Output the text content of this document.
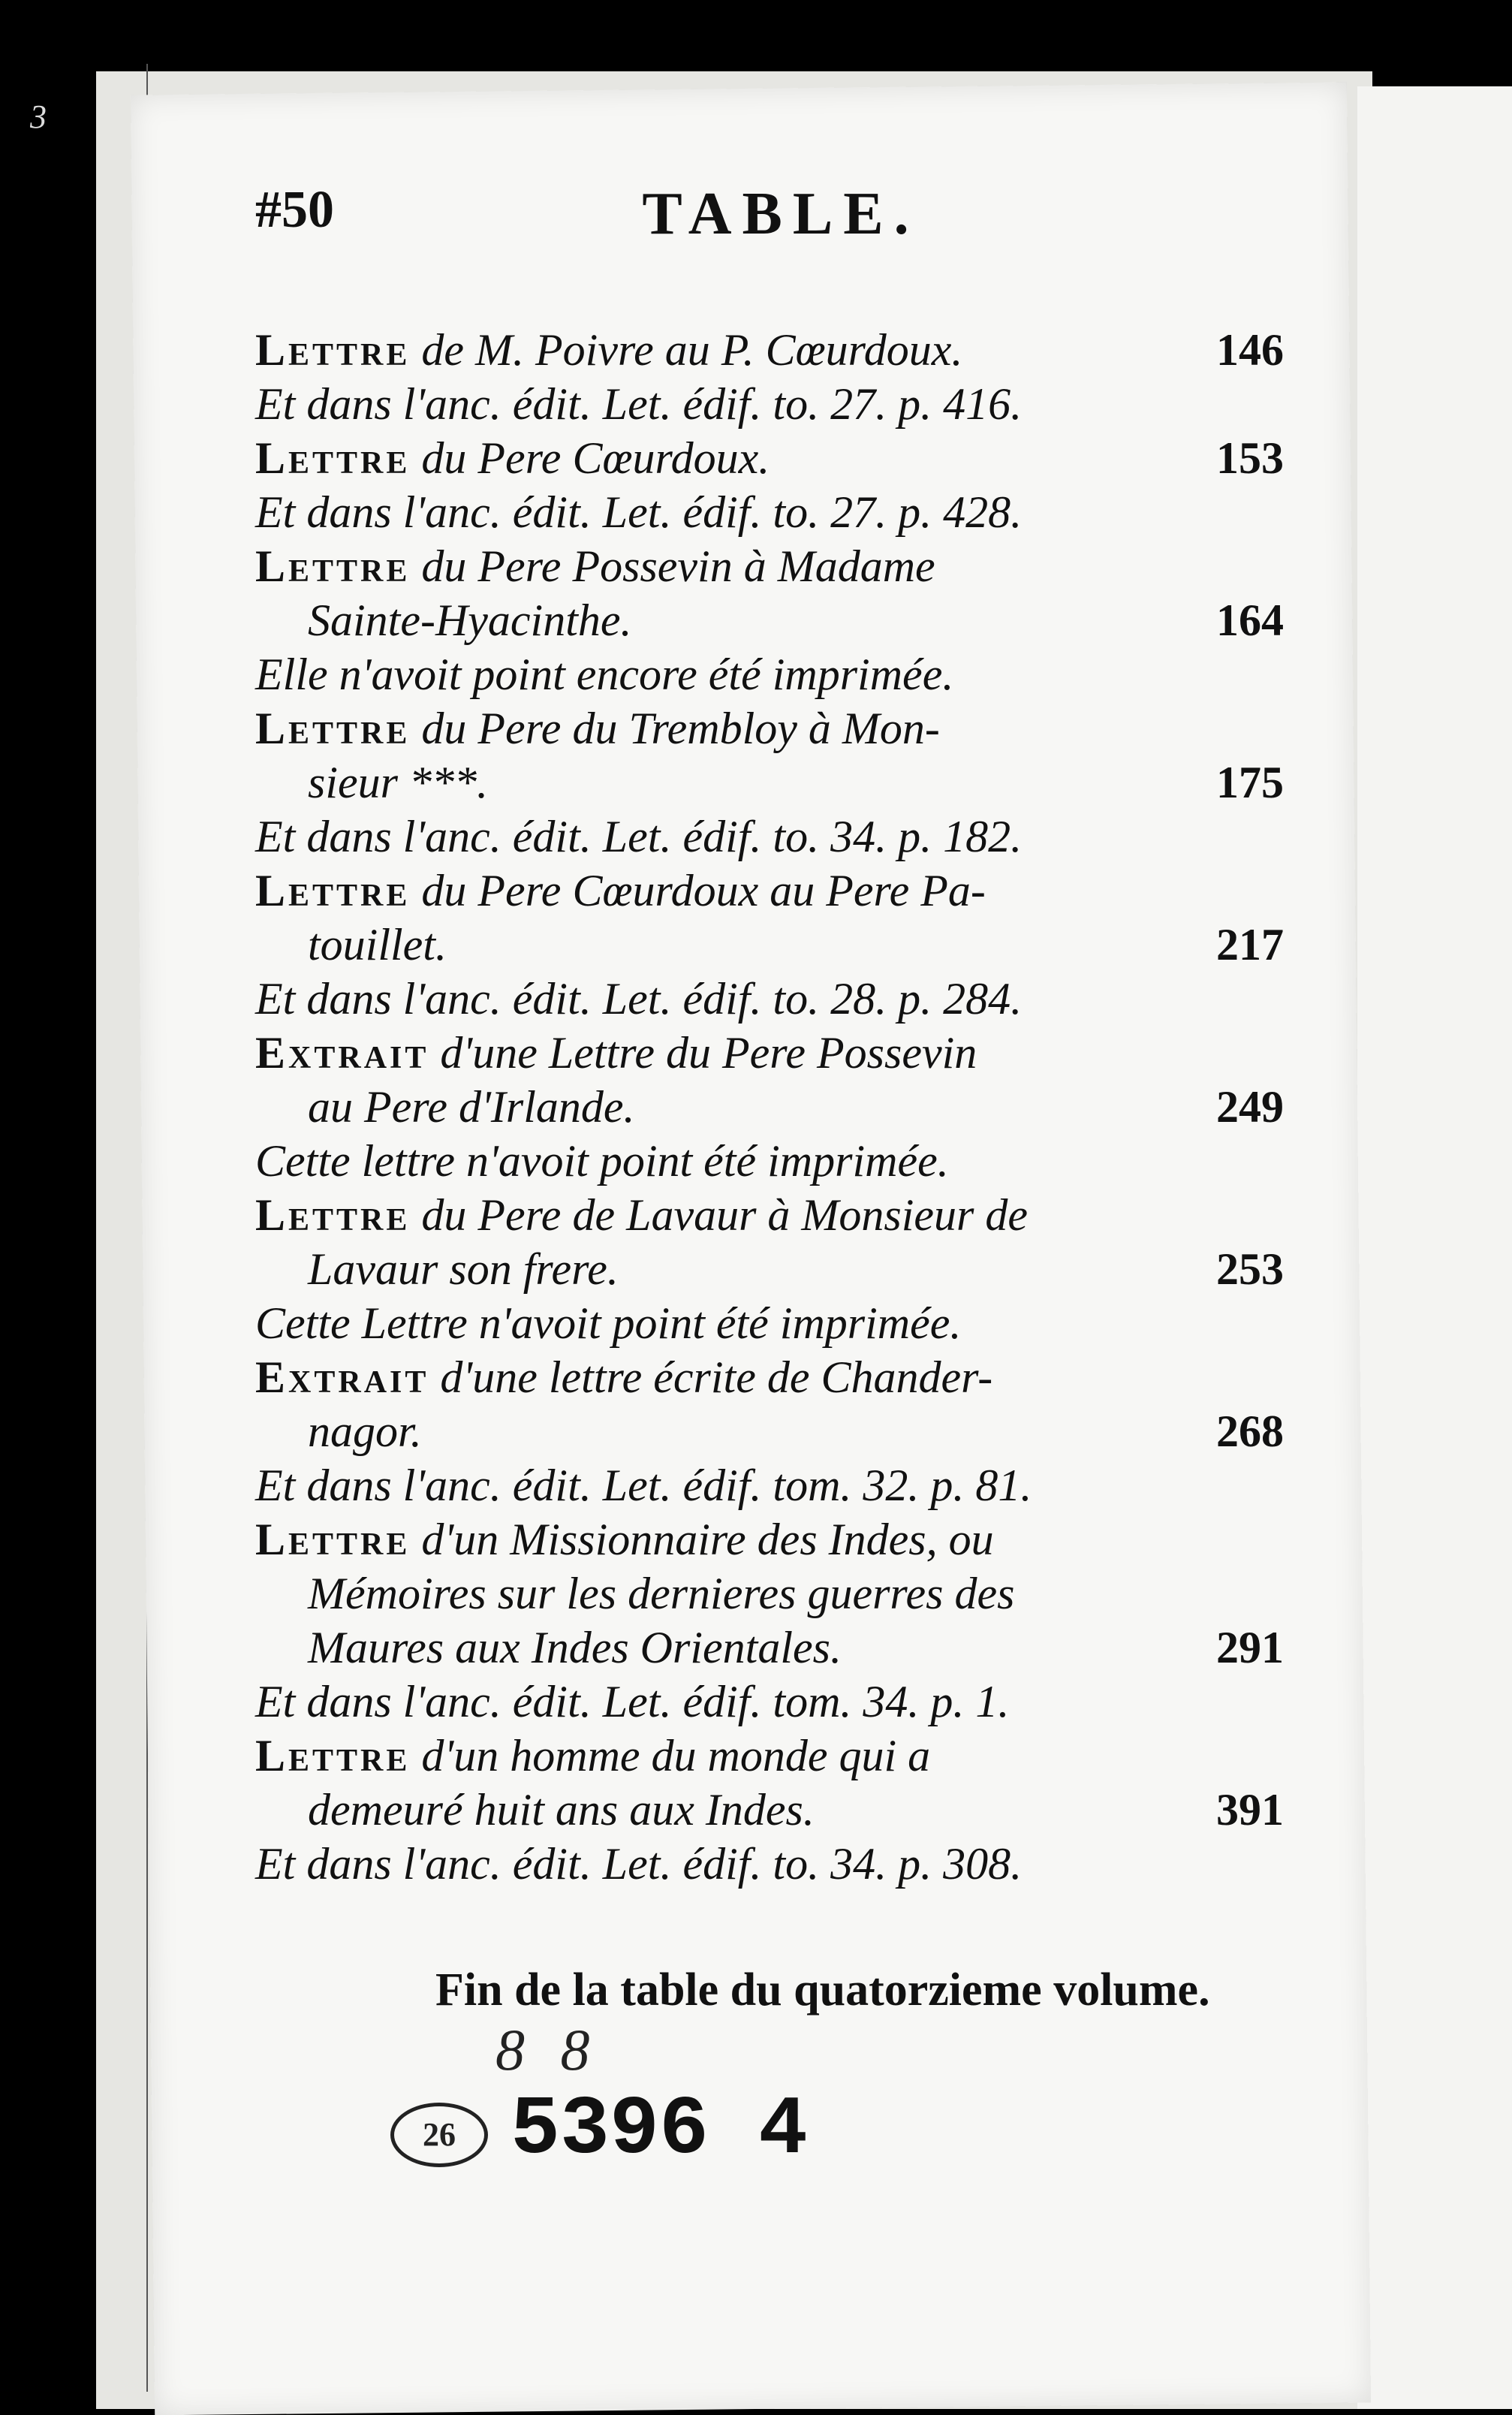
3
#50	TABLE.
Lettre de M. Poivre au P. Cœurdoux.	146
Et dans l'anc. édit. Let. édif. to. 27. p. 416.
Lettre du Pere Cœurdoux.	153
Et dans l'anc. édit. Let. édif. to. 27. p. 428.
Lettre du Pere Possevin à Madame
Sainte-Hyacinthe.	164
Elle n'avoit point encore été imprimée.
Lettre du Pere du Trembloy à Mon-
sieur ***.	175
Et dans l'anc. édit. Let. édif. to. 34. p. 182.
Lettre du Pere Cœurdoux au Pere Pa-
touillet.	217
Et dans l'anc. édit. Let. édif. to. 28. p. 284.
Extrait d'une Lettre du Pere Possevin
au Pere d'Irlande.	249
Cette lettre n'avoit point été imprimée.
Lettre du Pere de Lavaur à Monsieur de
Lavaur son frere.	253
Cette Lettre n'avoit point été imprimée.
Extrait d'une lettre écrite de Chander-
nagor.	268
Et dans l'anc. édit. Let. édif. tom. 32. p. 81.
Lettre d'un Missionnaire des Indes, ou
Mémoires sur les dernieres guerres des
Maures aux Indes Orientales.	291
Et dans l'anc. édit. Let. édif. tom. 34. p. 1.
Lettre d'un homme du monde qui a
demeuré huit ans aux Indes.	391
Et dans l'anc. édit. Let. édif. to. 34. p. 308.
Fin de la table du quatorzieme volume.
8 8
26 5396 4
